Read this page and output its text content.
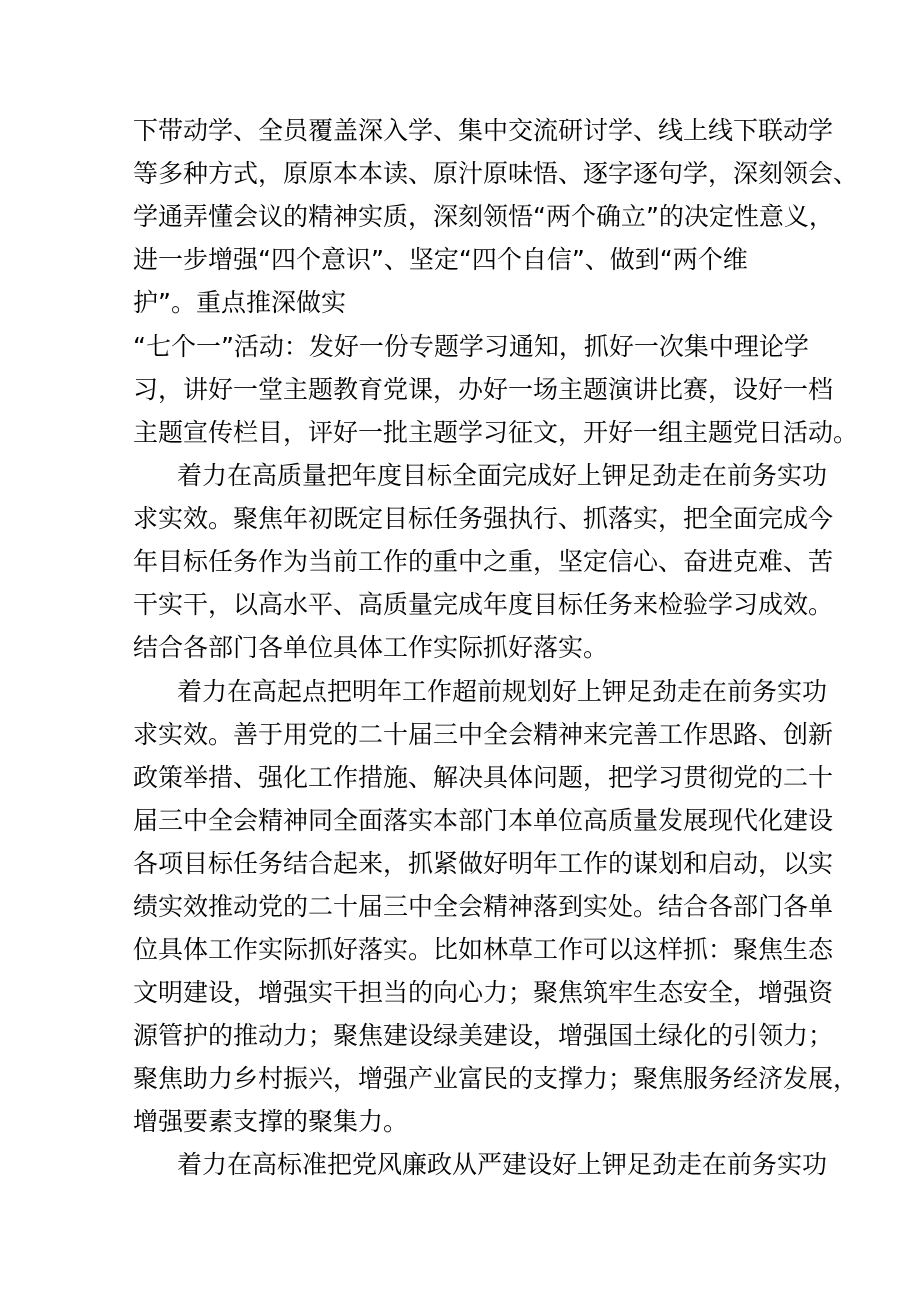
下带动学、全员覆盖深入学、集中交流研讨学、线上线下联动学
等多种方式，原原本本读、原汁原味悟、逐字逐句学，深刻领会、
学通弄懂会议的精神实质，深刻领悟“两个确立”的决定性意义，
进一步增强“四个意识”、坚定“四个自信”、做到“两个维
护”。重点推深做实
“七个一”活动：发好一份专题学习通知，抓好一次集中理论学
习，讲好一堂主题教育党课，办好一场主题演讲比赛，设好一档
主题宣传栏目，评好一批主题学习征文，开好一组主题党日活动。
着力在高质量把年度目标全面完成好上钾足劲走在前务实功
求实效。聚焦年初既定目标任务强执行、抓落实，把全面完成今
年目标任务作为当前工作的重中之重，坚定信心、奋进克难、苦
干实干，以高水平、高质量完成年度目标任务来检验学习成效。
结合各部门各单位具体工作实际抓好落实。
着力在高起点把明年工作超前规划好上钾足劲走在前务实功
求实效。善于用党的二十届三中全会精神来完善工作思路、创新
政策举措、强化工作措施、解决具体问题，把学习贯彻党的二十
届三中全会精神同全面落实本部门本单位高质量发展现代化建设
各项目标任务结合起来，抓紧做好明年工作的谋划和启动，以实
绩实效推动党的二十届三中全会精神落到实处。结合各部门各单
位具体工作实际抓好落实。比如林草工作可以这样抓：聚焦生态
文明建设，增强实干担当的向心力；聚焦筑牢生态安全，增强资
源管护的推动力；聚焦建设绿美建设，增强国土绿化的引领力；
聚焦助力乡村振兴，增强产业富民的支撑力；聚焦服务经济发展，
增强要素支撑的聚集力。
着力在高标准把党风廉政从严建设好上钾足劲走在前务实功
